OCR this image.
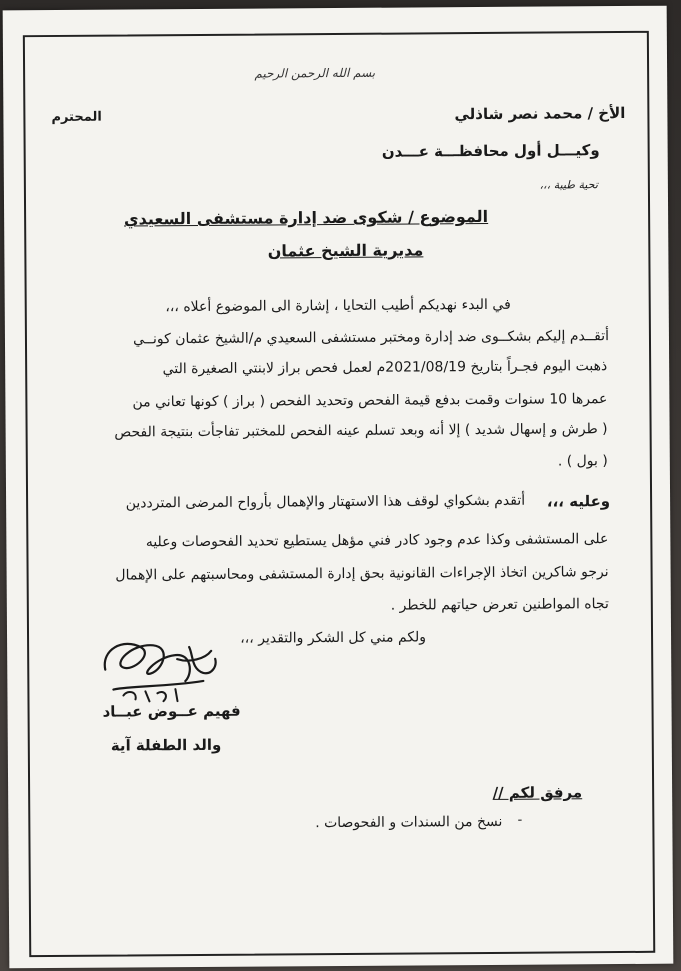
بسم الله الرحمن الرحيم
الأخ / محمد نصر شاذلي
المحترم
وكيـــل أول محافظـــة عـــدن
تحية طيبة ،،،
الموضوع / شكوى ضد إدارة مستشفى السعيدي
مديرية الشيخ عثمان
في البدء نهديكم أطيب التحايا ، إشارة الى الموضوع أعلاه ،،،
أتقــدم إليكم بشكــوى ضد إدارة ومختبر مستشفى السعيدي م/الشيخ عثمان كونــي
ذهبت اليوم فجـراً بتاريخ 2021/08/19م لعمل فحص براز لابنتي الصغيرة التي
عمرها 10 سنوات وقمت بدفع قيمة الفحص وتحديد الفحص ( براز ) كونها تعاني من
( طرش و إسهال شديد ) إلا أنه وبعد تسلم عينه الفحص للمختبر تفاجأت بنتيجة الفحص
( بول ) .
وعليه ،،،
أتقدم بشكواي لوقف هذا الاستهتار والإهمال بأرواح المرضى المترددين
على المستشفى وكذا عدم وجود كادر فني مؤهل يستطيع تحديد الفحوصات وعليه
نرجو شاكرين اتخاذ الإجراءات القانونية بحق إدارة المستشفى ومحاسبتهم على الإهمال
تجاه المواطنين تعرض حياتهم للخطر .
ولكم مني كل الشكر والتقدير ،،،
فهيم عــوض عبــاد
والد الطفلة آية
مرفق لكم //
-
نسخ من السندات و الفحوصات .
